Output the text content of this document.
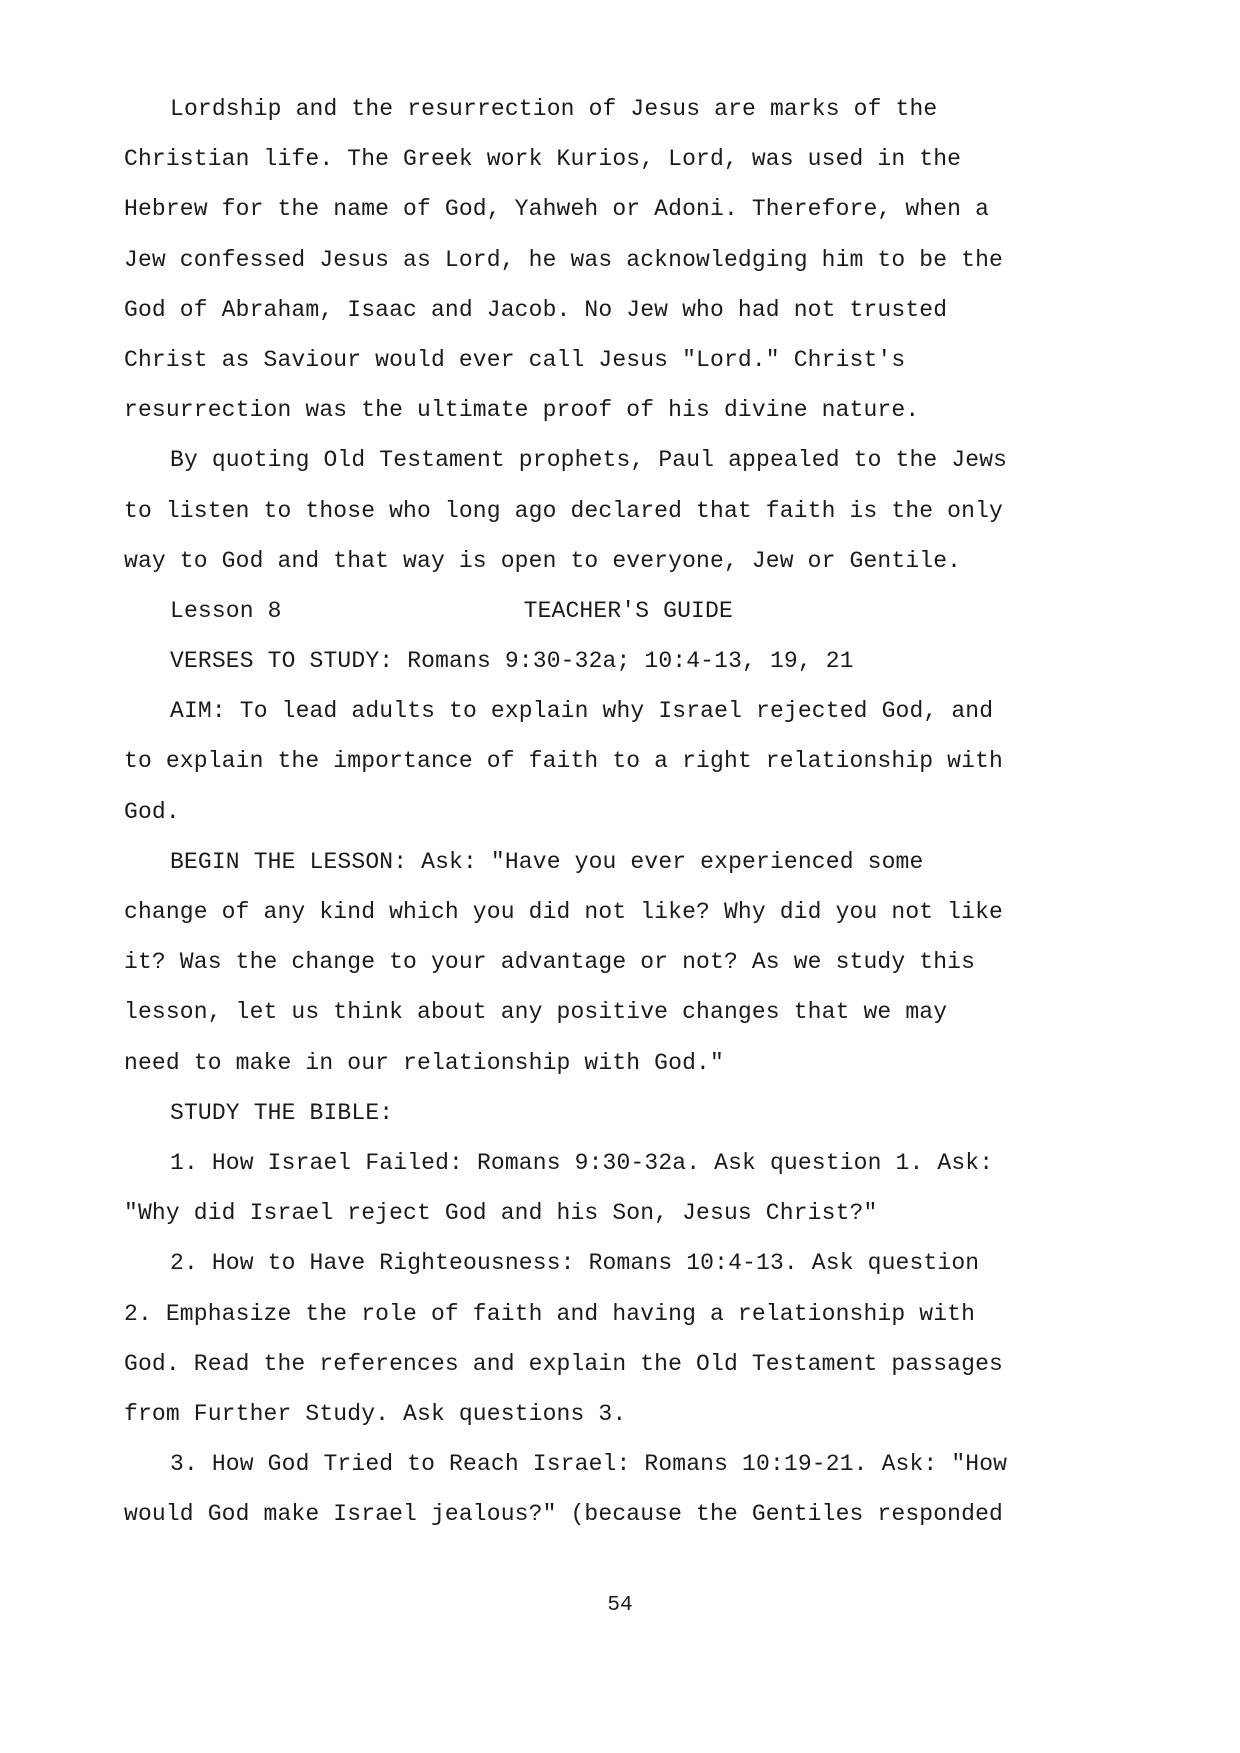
Lordship and the resurrection of Jesus are marks of the
Christian life. The Greek work Kurios, Lord, was used in the
Hebrew for the name of God, Yahweh or Adoni. Therefore, when a
Jew confessed Jesus as Lord, he was acknowledging him to be the
God of Abraham, Isaac and Jacob. No Jew who had not trusted
Christ as Saviour would ever call Jesus "Lord." Christ's
resurrection was the ultimate proof of his divine nature.
By quoting Old Testament prophets, Paul appealed to the Jews
to listen to those who long ago declared that faith is the only
way to God and that way is open to everyone, Jew or Gentile.
Lesson 8	TEACHER'S GUIDE
VERSES TO STUDY: Romans 9:30-32a; 10:4-13, 19, 21
AIM: To lead adults to explain why Israel rejected God, and
to explain the importance of faith to a right relationship with
God.
BEGIN THE LESSON: Ask: "Have you ever experienced some
change of any kind which you did not like? Why did you not like
it? Was the change to your advantage or not? As we study this
lesson, let us think about any positive changes that we may
need to make in our relationship with God."
STUDY THE BIBLE:
1. How Israel Failed: Romans 9:30-32a. Ask question 1. Ask:
"Why did Israel reject God and his Son, Jesus Christ?"
2. How to Have Righteousness: Romans 10:4-13. Ask question
2. Emphasize the role of faith and having a relationship with
God. Read the references and explain the Old Testament passages
from Further Study. Ask questions 3.
3. How God Tried to Reach Israel: Romans 10:19-21. Ask: "How
would God make Israel jealous?" (because the Gentiles responded
54
